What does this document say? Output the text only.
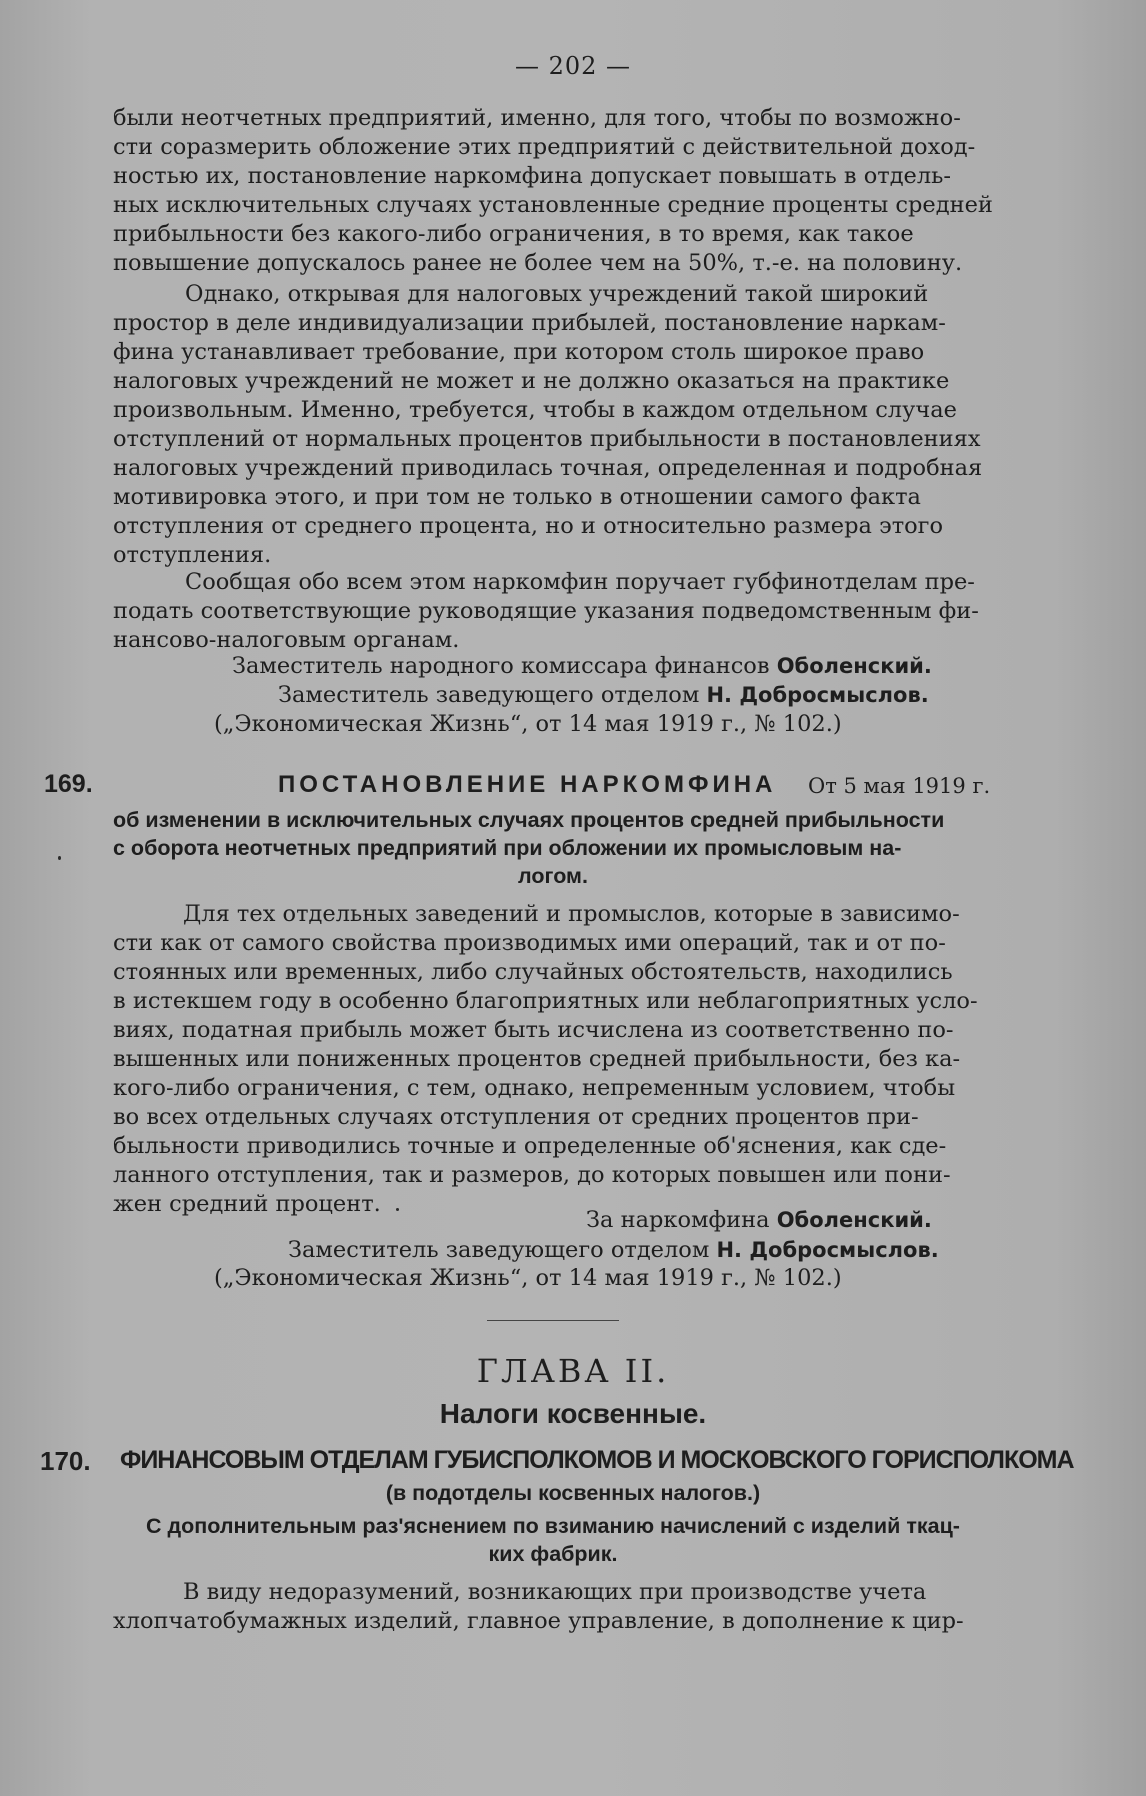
— 202 —

были неотчетных предприятий, именно, для того, чтобы по возможно-

сти соразмерить обложение этих предприятий с действительной доход-

ностью их, постановление наркомфина допускает повышать в отдель-

ных исключительных случаях установленные средние проценты средней

прибыльности без какого-либо ограничения, в то время, как такое

повышение допускалось ранее не более чем на 50%, т.-е. на половину.

Однако, открывая для налоговых учреждений такой широкий

простор в деле индивидуализации прибылей, постановление наркам-

фина устанавливает требование, при котором столь широкое право

налоговых учреждений не может и не должно оказаться на практике

произвольным. Именно, требуется, чтобы в каждом отдельном случае

отступлений от нормальных процентов прибыльности в постановлениях

налоговых учреждений приводилась точная, определенная и подробная

мотивировка этого, и при том не только в отношении самого факта

отступления от среднего процента, но и относительно размера этого

отступления.

Сообщая обо всем этом наркомфин поручает губфинотделам пре-

подать соответствующие руководящие указания подведомственным фи-

нансово-налоговым органам.

Заместитель народного комиссара финансов Оболенский.

Заместитель заведующего отделом Н. Добросмыслов.

(„Экономическая Жизнь“, от 14 мая 1919 г., № 102.)

169.	ПОСТАНОВЛЕНИЕ НАРКОМФИНА От 5 мая 1919 г.
об изменении в исключительных случаях процентов средней прибыльности
с оборота неотчетных предприятий при обложении их промысловым на-
логом.

Для тех отдельных заведений и промыслов, которые в зависимо-

сти как от самого свойства производимых ими операций, так и от по-

стоянных или временных, либо случайных обстоятельств, находились

в истекшем году в особенно благоприятных или неблагоприятных усло-

виях, податная прибыль может быть исчислена из соответственно по-

вышенных или пониженных процентов средней прибыльности, без ка-

кого-либо ограничения, с тем, однако, непременным условием, чтобы

во всех отдельных случаях отступления от средних процентов при-

быльности приводились точные и определенные об'яснения, как сде-

ланного отступления, так и размеров, до которых повышен или пони-

жен средний процент.

За наркомфина Оболенский.

Заместитель заведующего отделом Н. Добросмыслов.

(„Экономическая Жизнь“, от 14 мая 1919 г., № 102.)

ГЛАВА II.
Налоги косвенные.
170. ФИНАНСОВЫМ ОТДЕЛАМ ГУБИСПОЛКОМОВ И МОСКОВСКОГО ГОРИСПОЛКОМА
(в подотделы косвенных налогов.)
С дополнительным раз'яснением по взиманию начислений с изделий ткац-
ких фабрик.

В виду недоразумений, возникающих при производстве учета

хлопчатобумажных изделий, главное управление, в дополнение к цир-
